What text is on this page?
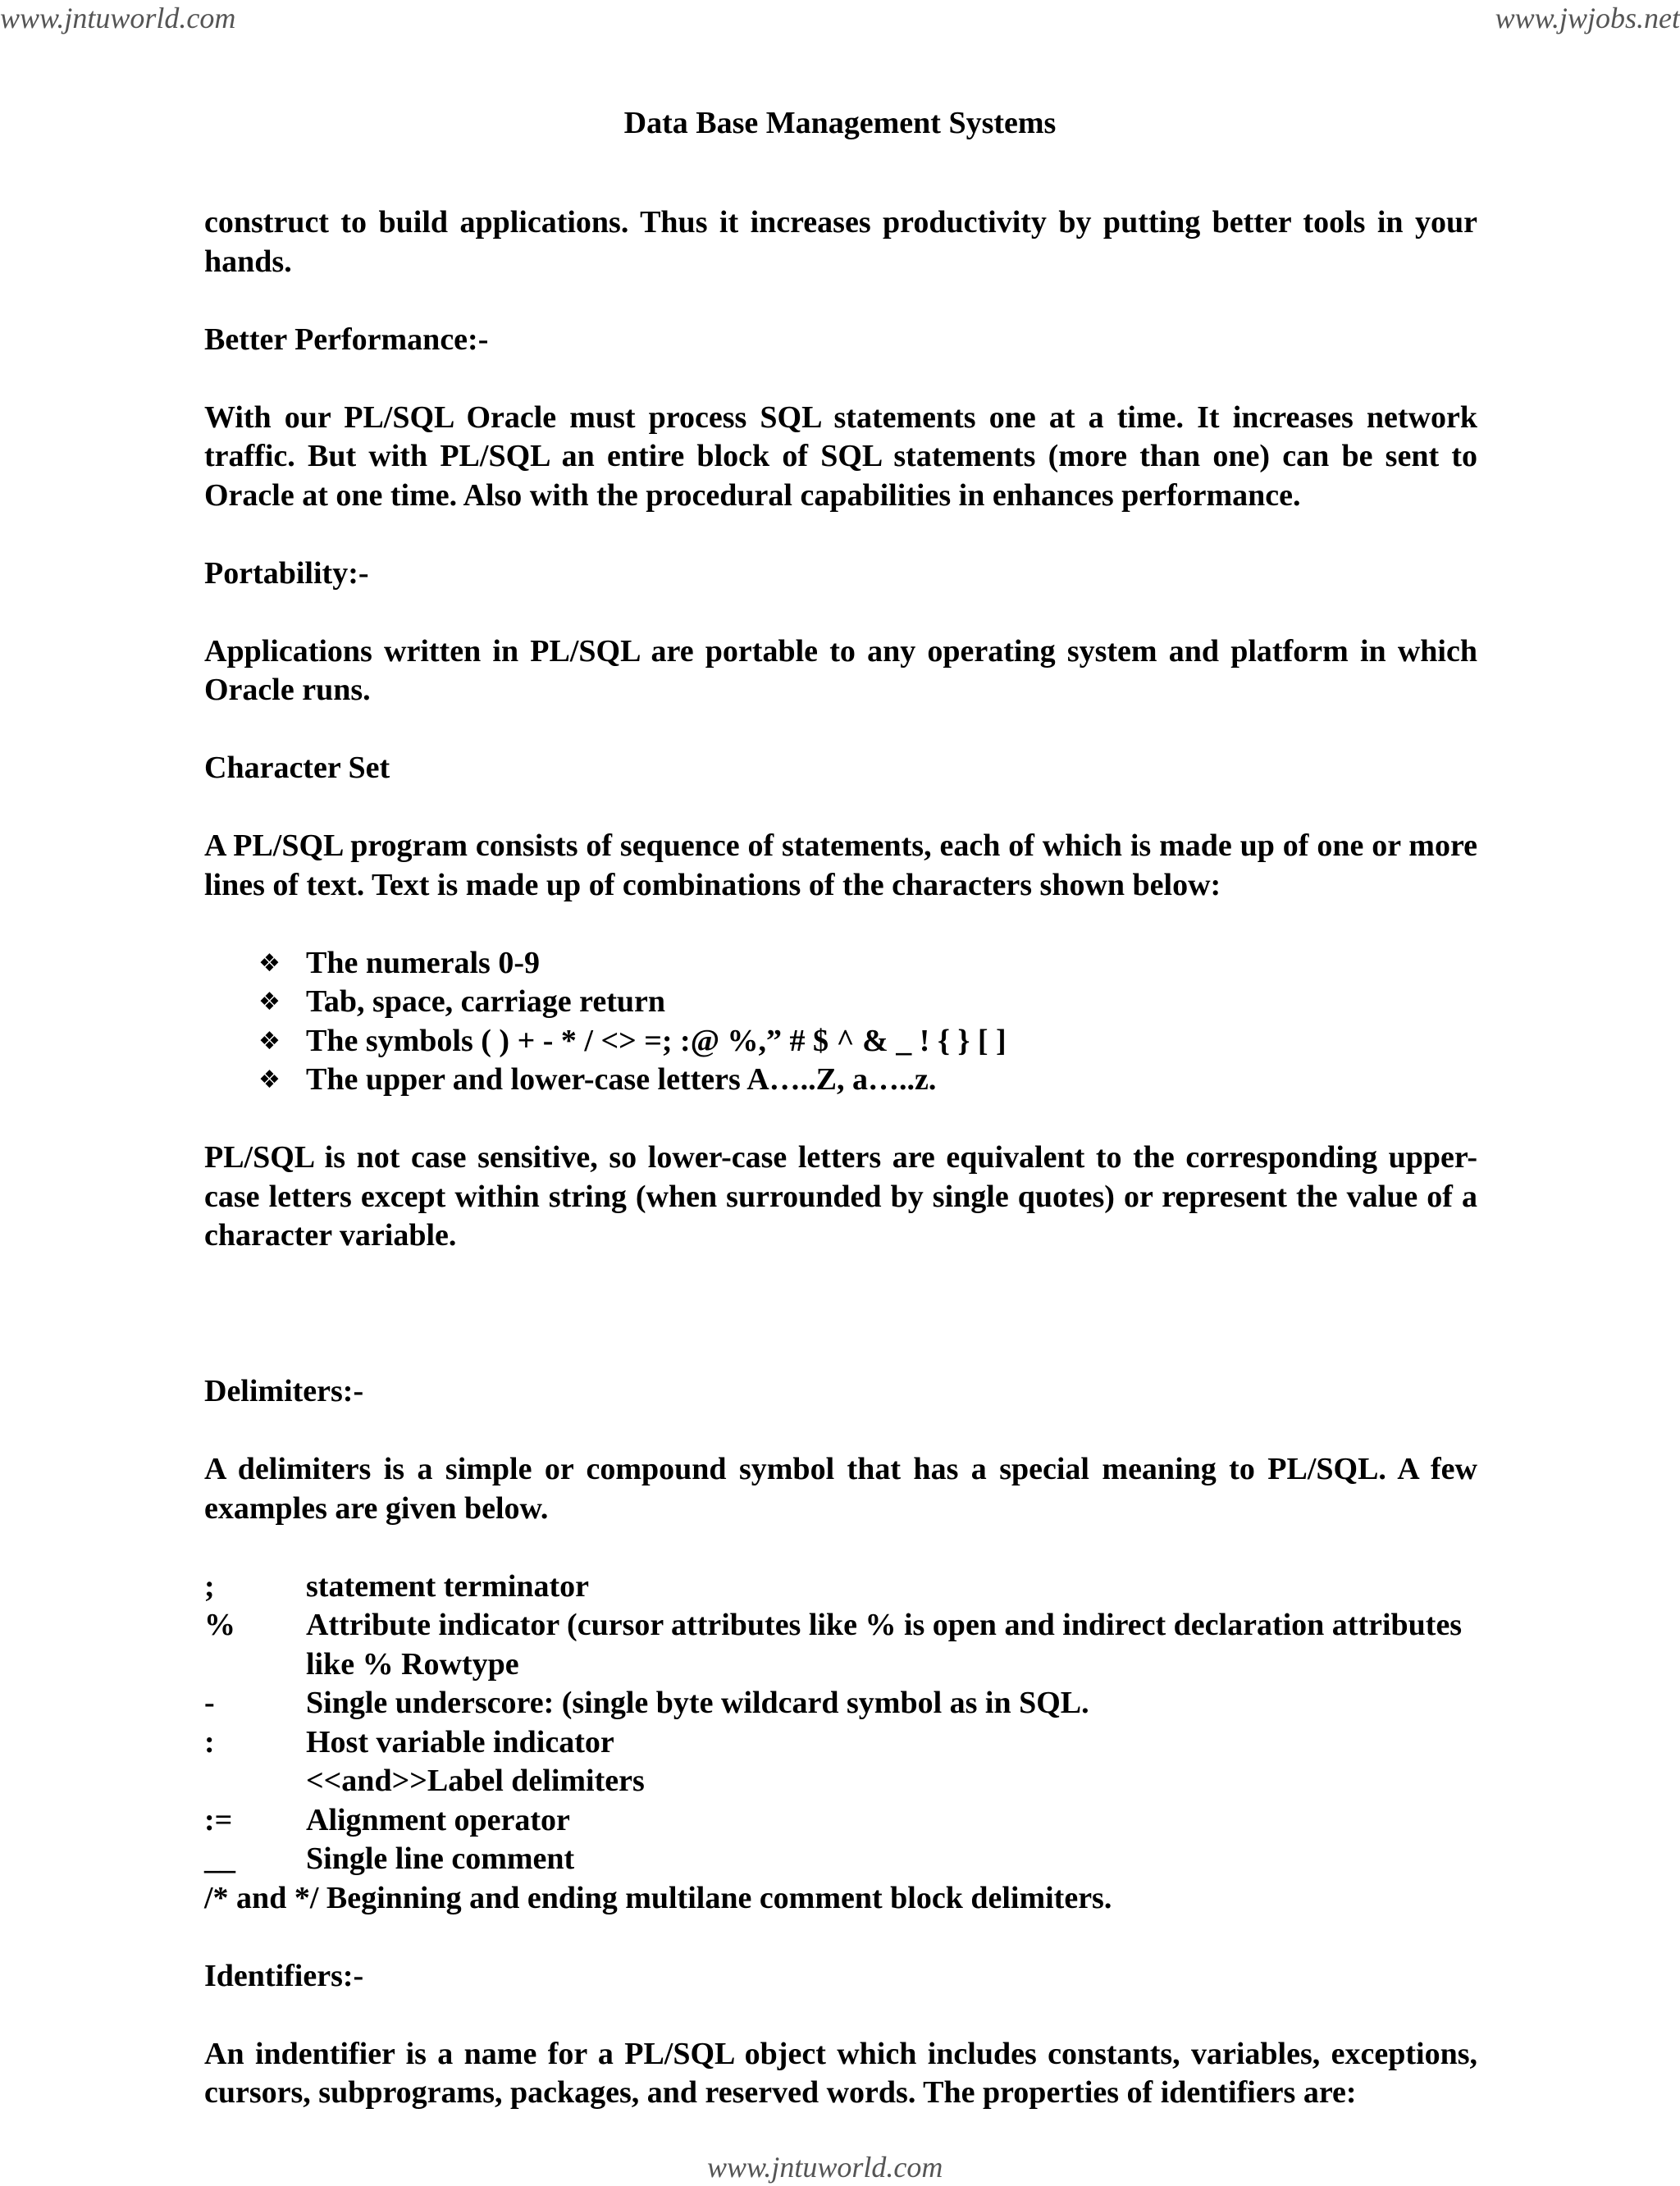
www.jntuworld.com	www.jwjobs.net
Data Base Management Systems

construct to build applications. Thus it increases productivity by putting better tools in your hands.

Better Performance:-

With our PL/SQL Oracle must process SQL statements one at a time. It increases network traffic. But with PL/SQL an entire block of SQL statements (more than one) can be sent to Oracle at one time. Also with the procedural capabilities in enhances performance.

Portability:-

Applications written in PL/SQL are portable to any operating system and platform in which Oracle runs.

Character Set

A PL/SQL program consists of sequence of statements, each of which is made up of one or more lines of text. Text is made up of combinations of the characters shown below:

❖ The numerals 0-9
❖ Tab, space, carriage return
❖ The symbols ( ) + - * / <> =; :@ %,” # $ ^ & _ ! { } [ ]
❖ The upper and lower-case letters A…..Z, a…..z.

PL/SQL is not case sensitive, so lower-case letters are equivalent to the corresponding upper-case letters except within string (when surrounded by single quotes) or represent the value of a character variable.

Delimiters:-

A delimiters is a simple or compound symbol that has a special meaning to PL/SQL. A few examples are given below.

;	statement terminator
%	Attribute indicator (cursor attributes like % is open and indirect declaration attributes like % Rowtype
-	Single underscore: (single byte wildcard symbol as in SQL.
:	Host variable indicator
	<<and>>Label delimiters
:=	Alignment operator
__	Single line comment
/* and */ Beginning and ending multilane comment block delimiters.	
Identifiers:-

An indentifier is a name for a PL/SQL object which includes constants, variables, exceptions, cursors, subprograms, packages, and reserved words. The properties of identifiers are:

www.jntuworld.com
